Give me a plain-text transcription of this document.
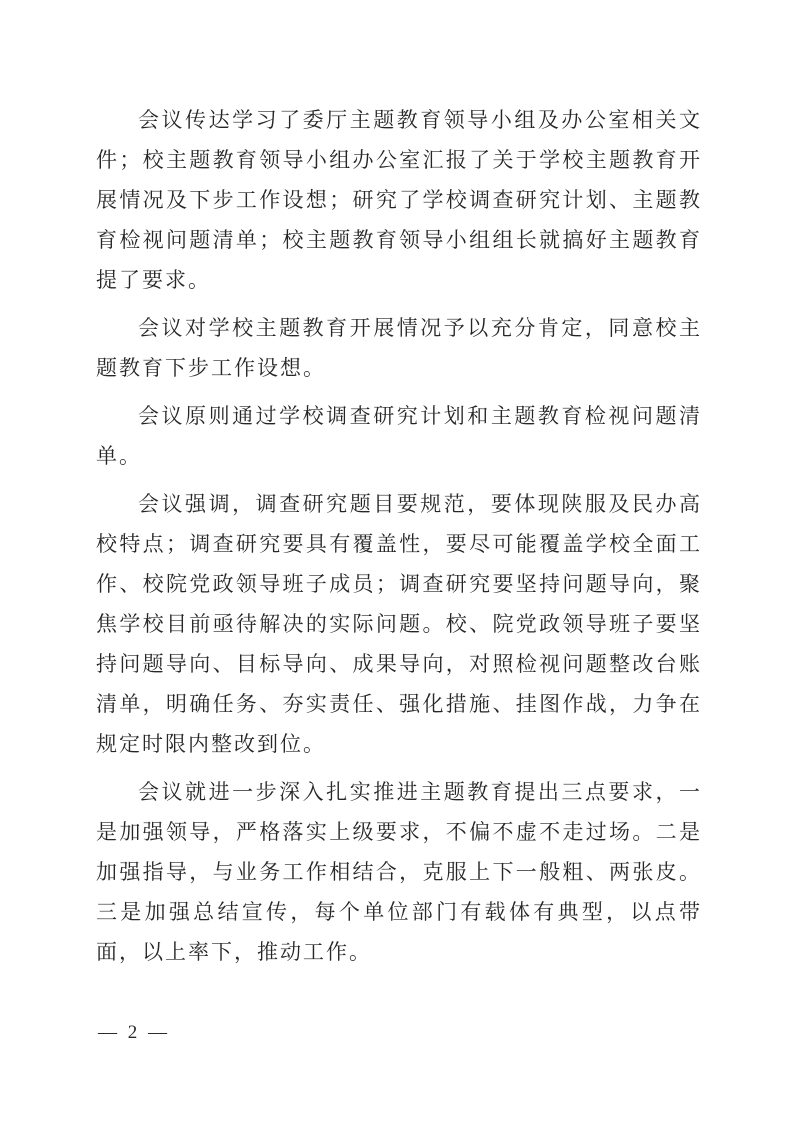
会议传达学习了委厅主题教育领导小组及办公室相关文件；校主题教育领导小组办公室汇报了关于学校主题教育开展情况及下步工作设想；研究了学校调查研究计划、主题教育检视问题清单；校主题教育领导小组组长就搞好主题教育提了要求。

会议对学校主题教育开展情况予以充分肯定，同意校主题教育下步工作设想。

会议原则通过学校调查研究计划和主题教育检视问题清单。

会议强调，调查研究题目要规范，要体现陕服及民办高校特点；调查研究要具有覆盖性，要尽可能覆盖学校全面工作、校院党政领导班子成员；调查研究要坚持问题导向，聚焦学校目前亟待解决的实际问题。校、院党政领导班子要坚持问题导向、目标导向、成果导向，对照检视问题整改台账清单，明确任务、夯实责任、强化措施、挂图作战，力争在规定时限内整改到位。

会议就进一步深入扎实推进主题教育提出三点要求，一是加强领导，严格落实上级要求，不偏不虚不走过场。二是加强指导，与业务工作相结合，克服上下一般粗、两张皮。三是加强总结宣传，每个单位部门有载体有典型，以点带面，以上率下，推动工作。

— 2 —
